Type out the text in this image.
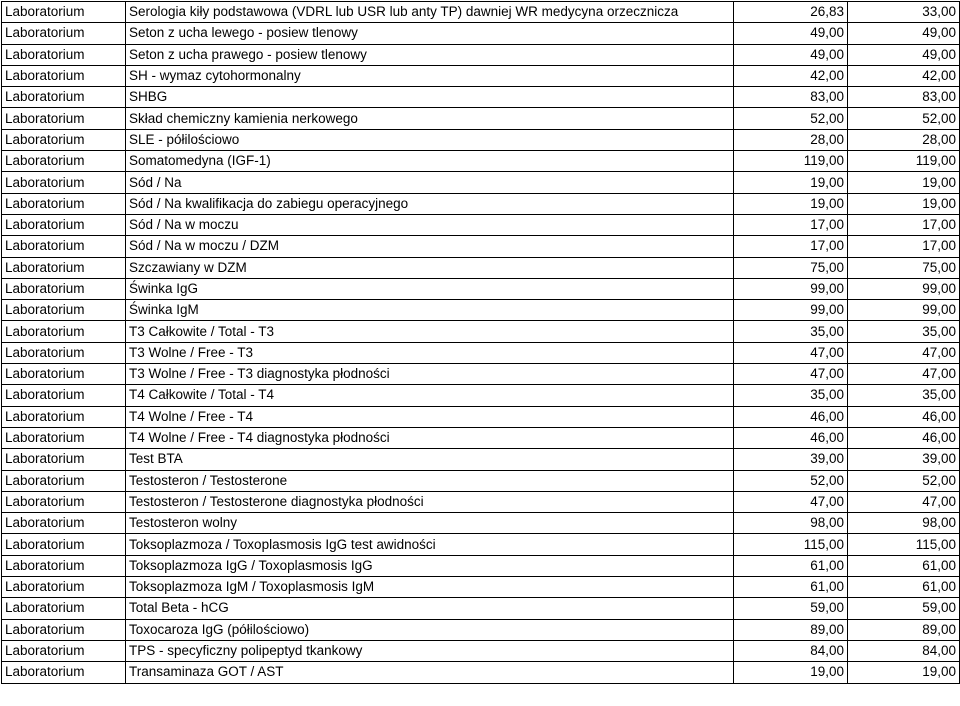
Laboratorium	Serologia kiły podstawowa (VDRL lub USR lub anty TP) dawniej WR medycyna orzecznicza	26,83	33,00
Laboratorium	Seton z ucha lewego - posiew tlenowy	49,00	49,00
Laboratorium	Seton z ucha prawego - posiew tlenowy	49,00	49,00
Laboratorium	SH - wymaz cytohormonalny	42,00	42,00
Laboratorium	SHBG	83,00	83,00
Laboratorium	Skład chemiczny kamienia nerkowego	52,00	52,00
Laboratorium	SLE - półilościowo	28,00	28,00
Laboratorium	Somatomedyna (IGF-1)	119,00	119,00
Laboratorium	Sód / Na	19,00	19,00
Laboratorium	Sód / Na kwalifikacja do zabiegu operacyjnego	19,00	19,00
Laboratorium	Sód / Na w moczu	17,00	17,00
Laboratorium	Sód / Na w moczu / DZM	17,00	17,00
Laboratorium	Szczawiany w DZM	75,00	75,00
Laboratorium	Świnka IgG	99,00	99,00
Laboratorium	Świnka IgM	99,00	99,00
Laboratorium	T3 Całkowite / Total - T3	35,00	35,00
Laboratorium	T3 Wolne / Free - T3	47,00	47,00
Laboratorium	T3 Wolne / Free - T3 diagnostyka płodności	47,00	47,00
Laboratorium	T4 Całkowite / Total - T4	35,00	35,00
Laboratorium	T4 Wolne / Free - T4	46,00	46,00
Laboratorium	T4 Wolne / Free - T4 diagnostyka płodności	46,00	46,00
Laboratorium	Test BTA	39,00	39,00
Laboratorium	Testosteron / Testosterone	52,00	52,00
Laboratorium	Testosteron / Testosterone diagnostyka płodności	47,00	47,00
Laboratorium	Testosteron wolny	98,00	98,00
Laboratorium	Toksoplazmoza / Toxoplasmosis IgG test awidności	115,00	115,00
Laboratorium	Toksoplazmoza IgG / Toxoplasmosis IgG	61,00	61,00
Laboratorium	Toksoplazmoza IgM / Toxoplasmosis IgM	61,00	61,00
Laboratorium	Total Beta - hCG	59,00	59,00
Laboratorium	Toxocaroza IgG (półilościowo)	89,00	89,00
Laboratorium	TPS - specyficzny polipeptyd tkankowy	84,00	84,00
Laboratorium	Transaminaza GOT / AST	19,00	19,00
